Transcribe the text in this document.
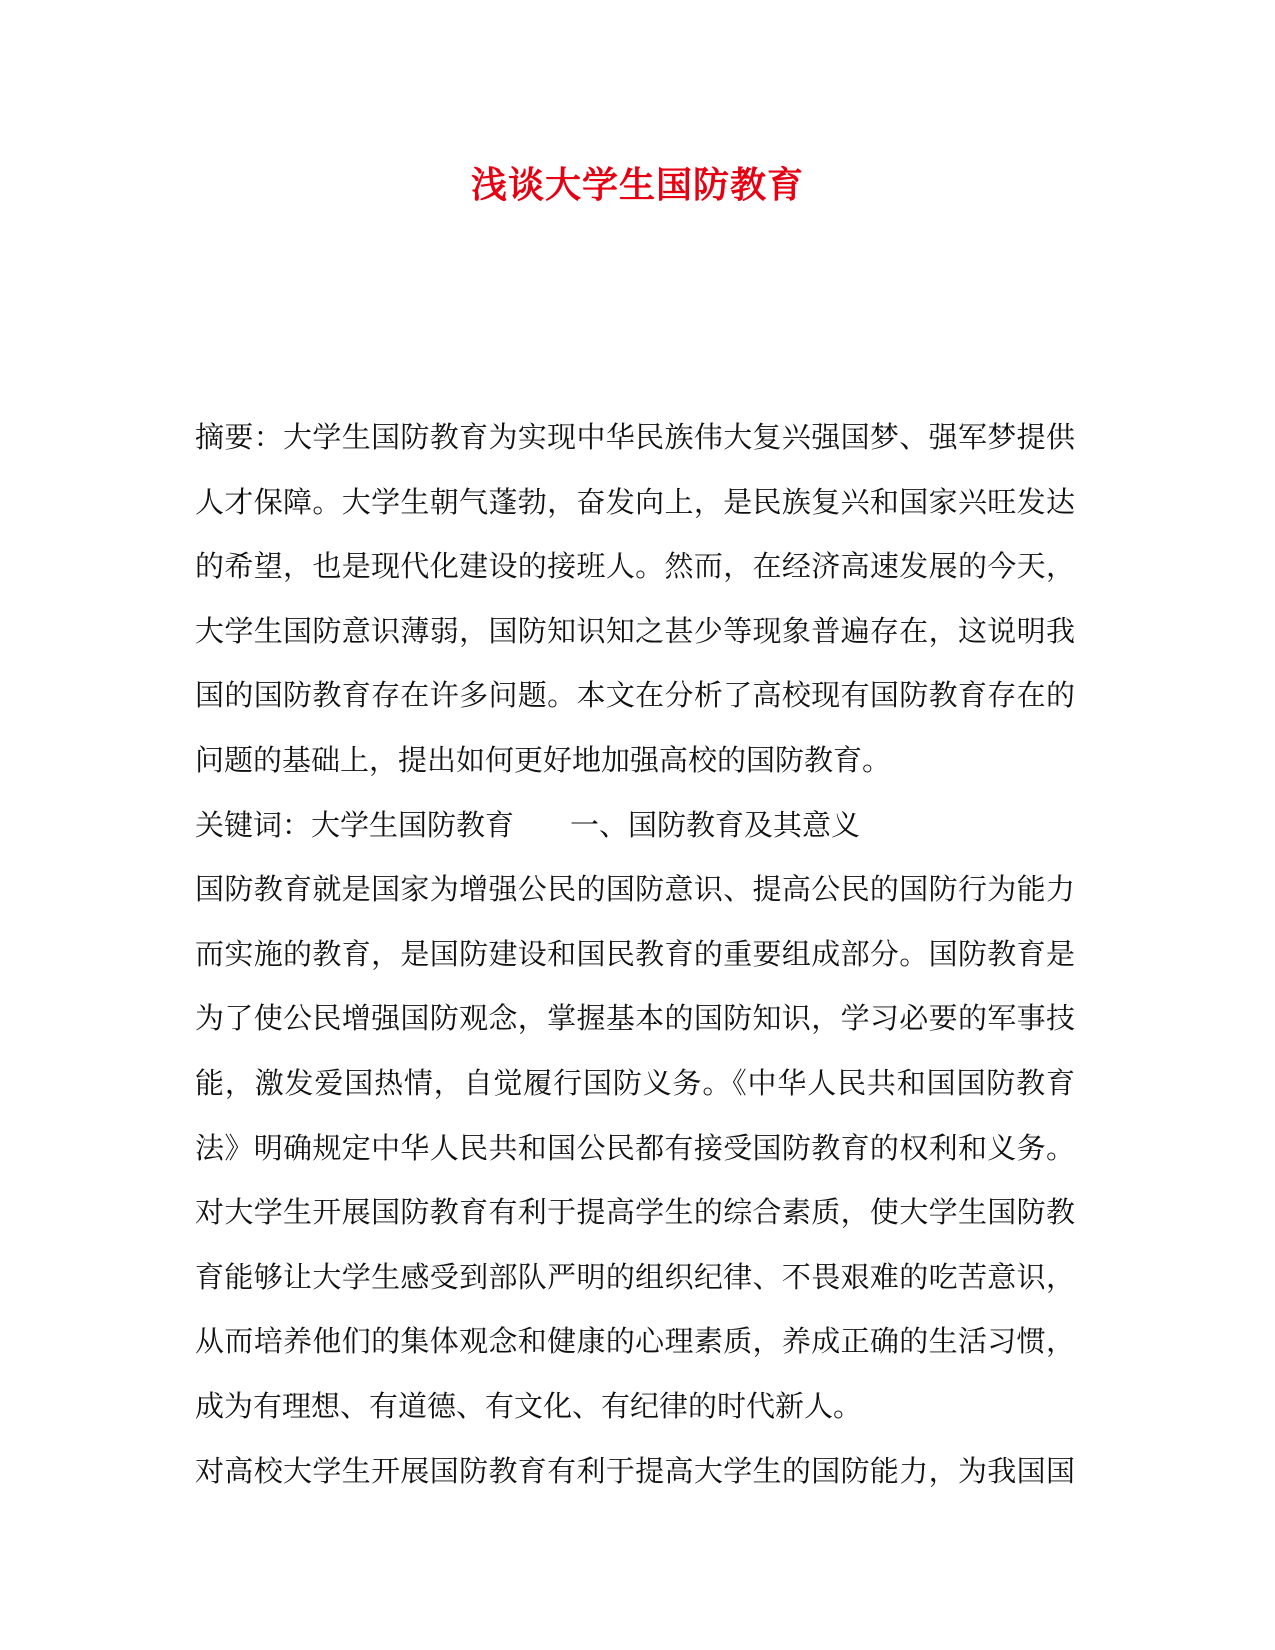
浅谈大学生国防教育
摘要：大学生国防教育为实现中华民族伟大复兴强国梦、强军梦提供
人才保障。大学生朝气蓬勃，奋发向上，是民族复兴和国家兴旺发达
的希望，也是现代化建设的接班人。然而，在经济高速发展的今天，
大学生国防意识薄弱，国防知识知之甚少等现象普遍存在，这说明我
国的国防教育存在许多问题。本文在分析了高校现有国防教育存在的
问题的基础上，提出如何更好地加强高校的国防教育。
关键词：大学生国防教育 一、国防教育及其意义
国防教育就是国家为增强公民的国防意识、提高公民的国防行为能力
而实施的教育，是国防建设和国民教育的重要组成部分。国防教育是
为了使公民增强国防观念，掌握基本的国防知识，学习必要的军事技
能，激发爱国热情，自觉履行国防义务。《中华人民共和国国防教育
法》明确规定中华人民共和国公民都有接受国防教育的权利和义务。
对大学生开展国防教育有利于提高学生的综合素质，使大学生国防教
育能够让大学生感受到部队严明的组织纪律、不畏艰难的吃苦意识，
从而培养他们的集体观念和健康的心理素质，养成正确的生活习惯，
成为有理想、有道德、有文化、有纪律的时代新人。
对高校大学生开展国防教育有利于提高大学生的国防能力，为我国国
